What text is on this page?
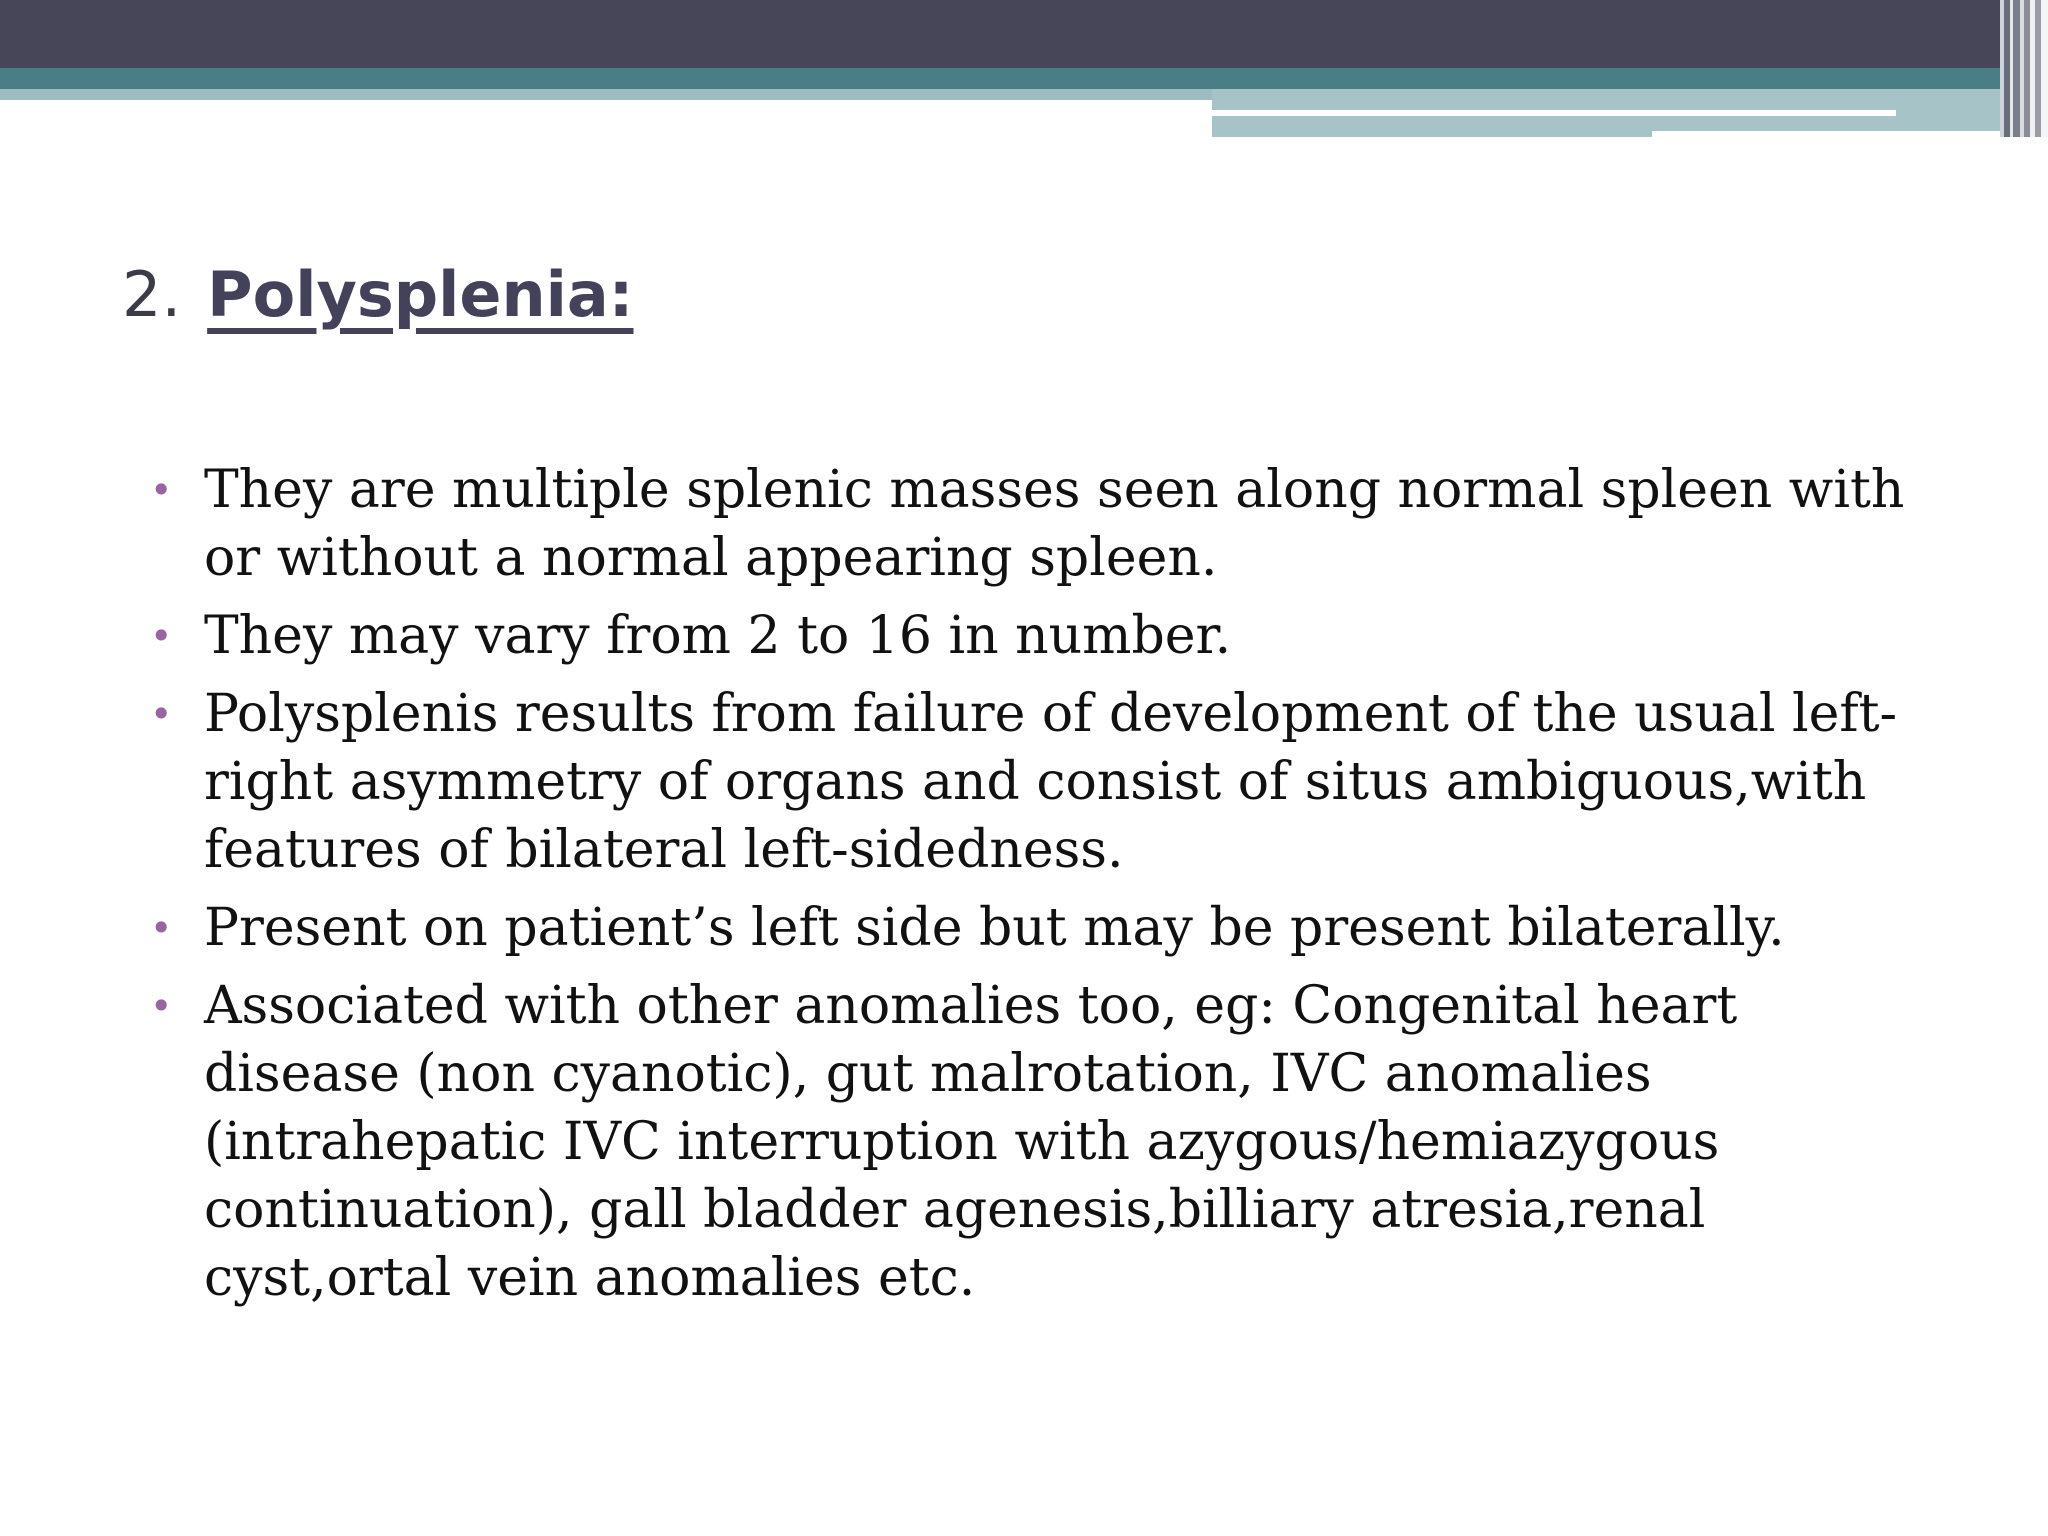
2. Polysplenia:
• They are multiple splenic masses seen along normal spleen with or without a normal appearing spleen.
• They may vary from 2 to 16 in number.
• Polysplenis results from failure of development of the usual left-right asymmetry of organs and consist of situs ambiguous,with features of bilateral left-sidedness.
• Present on patient’s left side but may be present bilaterally.
• Associated with other anomalies too, eg: Congenital heart disease (non cyanotic), gut malrotation, IVC anomalies (intrahepatic IVC interruption with azygous/hemiazygous continuation), gall bladder agenesis,billiary atresia,renal cyst,ortal vein anomalies etc.
